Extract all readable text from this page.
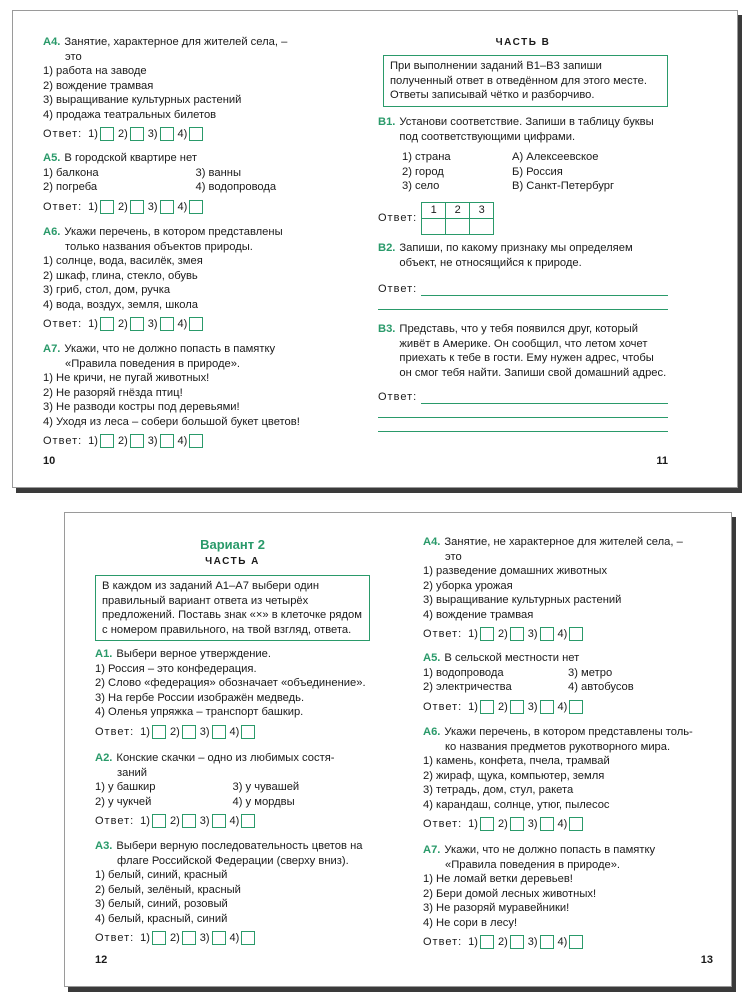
А4. Занятие, характерное для жителей села, –
это
1) работа на заводе
2) вождение трамвая
3) выращивание культурных растений
4) продажа театральных билетов
Ответ: 1) 2) 3) 4)
А5. В городской квартире нет
1) балкона	3) ванны
2) погреба	4) водопровода
Ответ: 1) 2) 3) 4)
А6. Укажи перечень, в котором представлены
только названия объектов природы.
1) солнце, вода, василёк, змея
2) шкаф, глина, стекло, обувь
3) гриб, стол, дом, ручка
4) вода, воздух, земля, школа
Ответ: 1) 2) 3) 4)
А7. Укажи, что не должно попасть в памятку
«Правила поведения в природе».
1) Не кричи, не пугай животных!
2) Не разоряй гнёзда птиц!
3) Не разводи костры под деревьями!
4) Уходя из леса – собери большой букет цветов!
Ответ: 1) 2) 3) 4)
10
ЧАСТЬ В
При выполнении заданий В1–В3 запиши полученный ответ в отведённом для этого месте. Ответы записывай чётко и разборчиво.
В1. Установи соответствие. Запиши в таблицу буквы под соответствующими цифрами.
1) страна	А) Алексеевское
2) город	Б) Россия
3) село	В) Санкт-Петербург
Ответ:
1	2	3

В2. Запиши, по какому признаку мы определяем объект, не относящийся к природе.
Ответ:
В3. Представь, что у тебя появился друг, который живёт в Америке. Он сообщил, что летом хочет приехать к тебе в гости. Ему нужен адрес, чтобы он смог тебя найти. Запиши свой домашний адрес.
Ответ:
11
Вариант 2
ЧАСТЬ А
В каждом из заданий А1–А7 выбери один правильный вариант ответа из четырёх предложений. Поставь знак «×» в клеточке рядом с номером правильного, на твой взгляд, ответа.
А1. Выбери верное утверждение.
1) Россия – это конфедерация.
2) Слово «федерация» обозначает «объединение».
3) На гербе России изображён медведь.
4) Оленья упряжка – транспорт башкир.
Ответ: 1) 2) 3) 4)
А2. Конские скачки – одно из любимых состя-
заний
1) у башкир	3) у чувашей
2) у чукчей	4) у мордвы
Ответ: 1) 2) 3) 4)
А3. Выбери верную последовательность цветов на
флаге Российской Федерации (сверху вниз).
1) белый, синий, красный
2) белый, зелёный, красный
3) белый, синий, розовый
4) белый, красный, синий
Ответ: 1) 2) 3) 4)
12
А4. Занятие, не характерное для жителей села, –
это
1) разведение домашних животных
2) уборка урожая
3) выращивание культурных растений
4) вождение трамвая
Ответ: 1) 2) 3) 4)
А5. В сельской местности нет
1) водопровода	3) метро
2) электричества	4) автобусов
Ответ: 1) 2) 3) 4)
А6. Укажи перечень, в котором представлены толь-
ко названия предметов рукотворного мира.
1) камень, конфета, пчела, трамвай
2) жираф, щука, компьютер, земля
3) тетрадь, дом, стул, ракета
4) карандаш, солнце, утюг, пылесос
Ответ: 1) 2) 3) 4)
А7. Укажи, что не должно попасть в памятку
«Правила поведения в природе».
1) Не ломай ветки деревьев!
2) Бери домой лесных животных!
3) Не разоряй муравейники!
4) Не сори в лесу!
Ответ: 1) 2) 3) 4)
13
